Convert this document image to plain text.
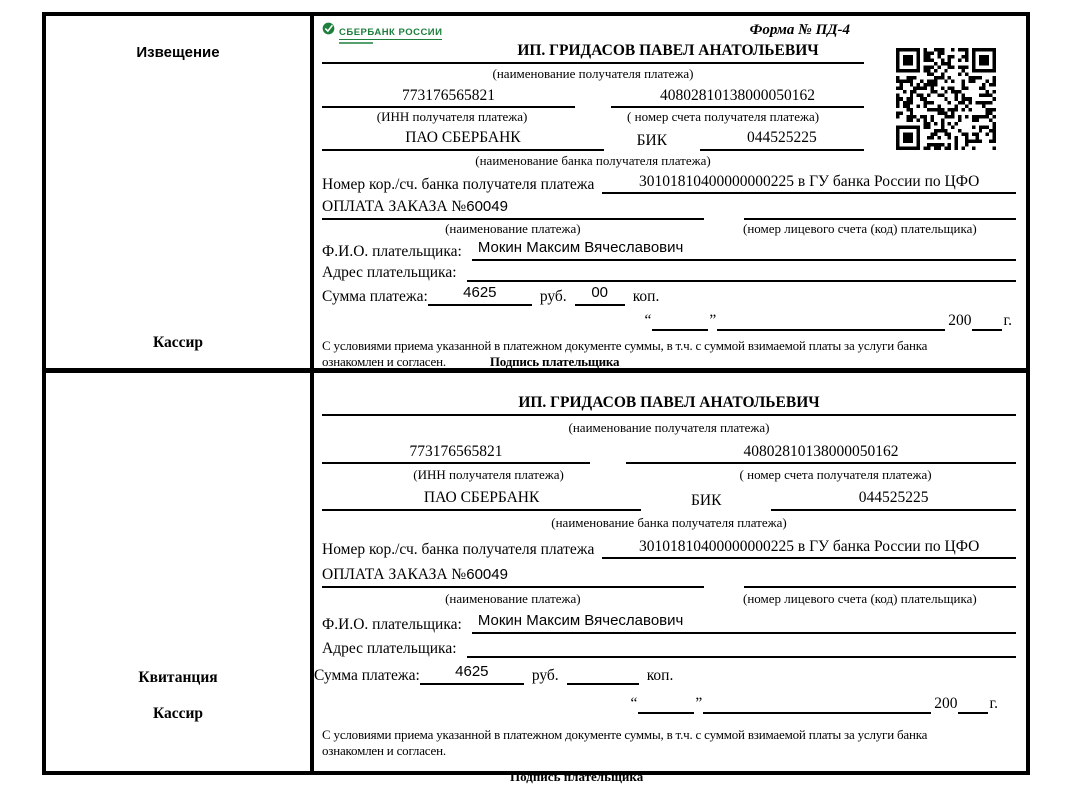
Извещение
Кассир
СБЕРБАНК РОССИИ	Форма № ПД-4
ИП. ГРИДАСОВ ПАВЕЛ АНАТОЛЬЕВИЧ
(наименование получателя платежа)
773176565821	40802810138000050162
(ИНН получателя платежа)	( номер счета получателя платежа)
ПАО СБЕРБАНК	БИК	044525225
(наименование банка получателя платежа)
Номер кор./сч. банка получателя платежа	30101810400000000225 в ГУ банка России по ЦФО
ОПЛАТА ЗАКАЗА №60049
(наименование платежа)	(номер лицевого счета (код) плательщика)
Ф.И.О. плательщика:	Мокин Максим Вячеславович
Адрес плательщика:
Сумма платежа:	4625	руб.	00	коп.
“	”	200 г.
С условиями приема указанной в платежном документе суммы, в т.ч. с суммой взимаемой платы за услуги банка
ознакомлен и согласен.	Подпись плательщика
Квитанция
Кассир
ИП. ГРИДАСОВ ПАВЕЛ АНАТОЛЬЕВИЧ
(наименование получателя платежа)
773176565821	40802810138000050162
(ИНН получателя платежа)	( номер счета получателя платежа)
ПАО СБЕРБАНК	БИК	044525225
(наименование банка получателя платежа)
Номер кор./сч. банка получателя платежа	30101810400000000225 в ГУ банка России по ЦФО
ОПЛАТА ЗАКАЗА №60049
(наименование платежа)	(номер лицевого счета (код) плательщика)
Ф.И.О. плательщика:	Мокин Максим Вячеславович
Адрес плательщика:
Сумма платежа:	4625	руб.	коп.
“	”	200 г.
С условиями приема указанной в платежном документе суммы, в т.ч. с суммой взимаемой платы за услуги банка
ознакомлен и согласен.
Подпись плательщика
